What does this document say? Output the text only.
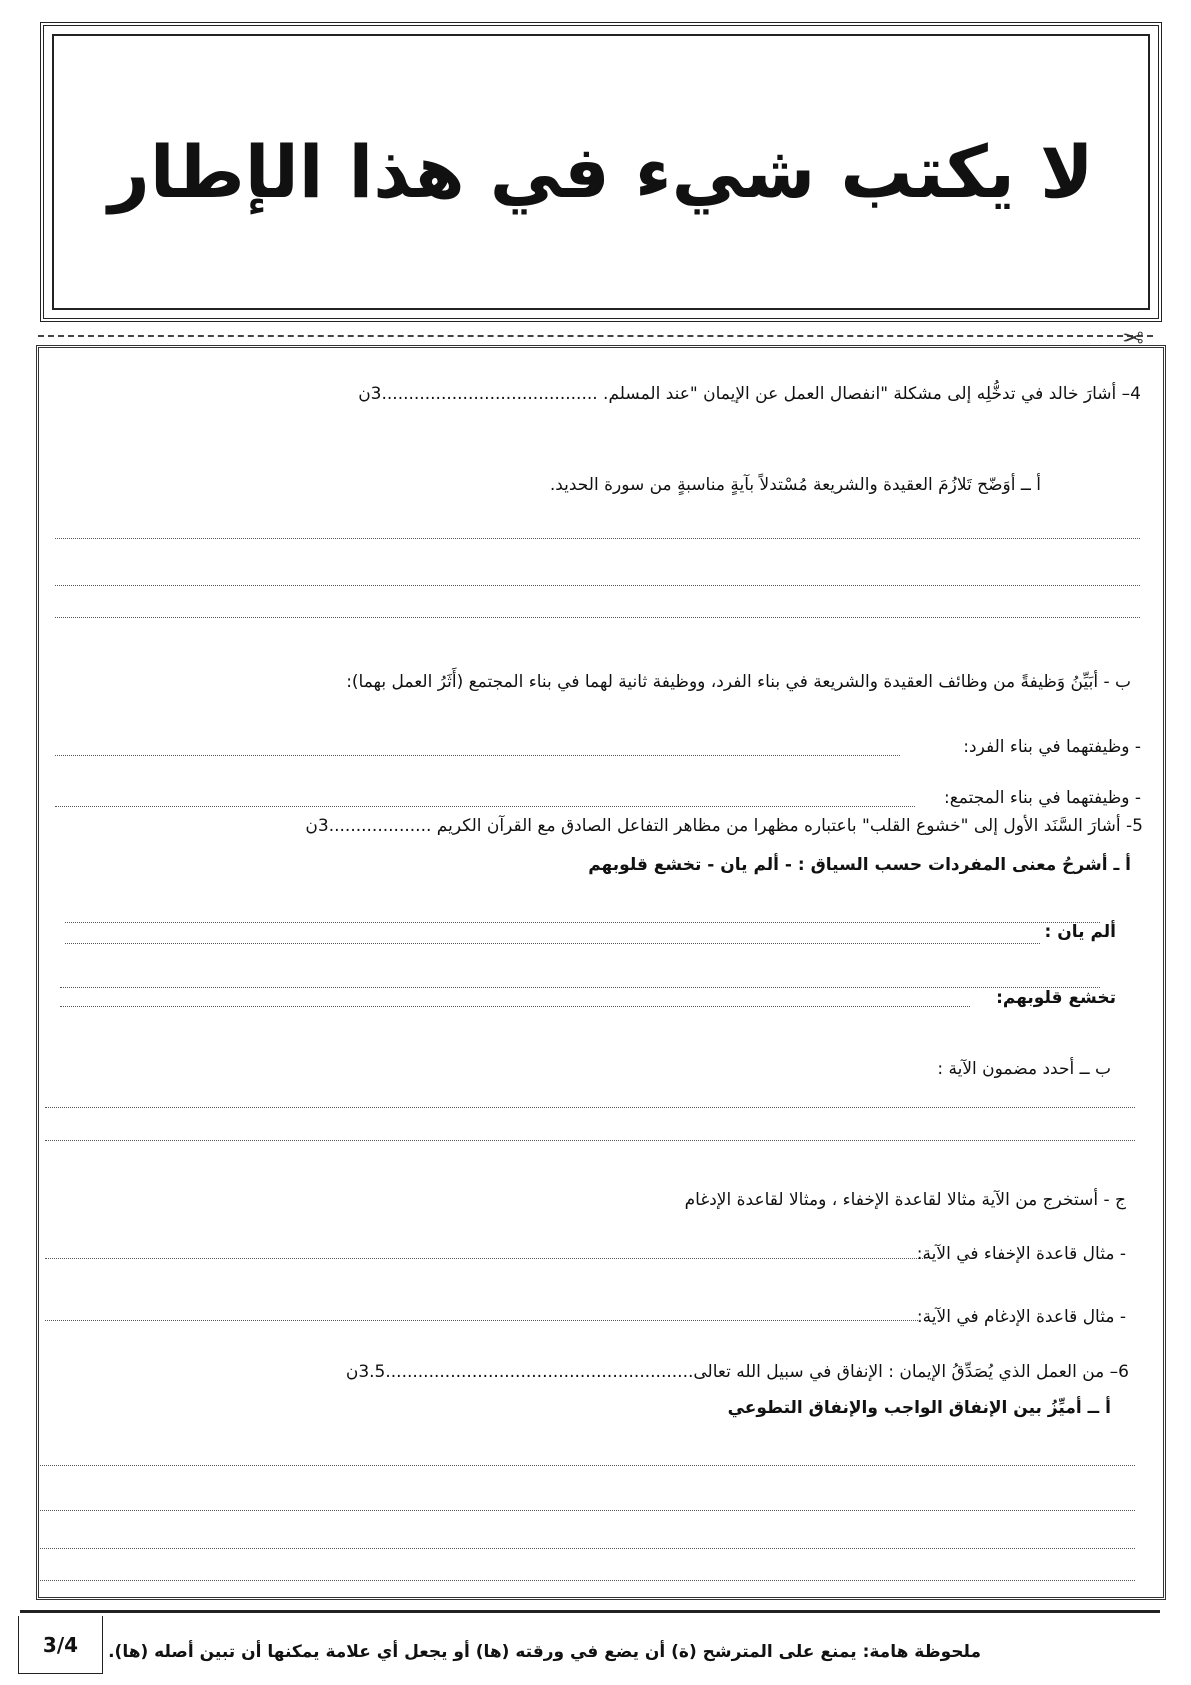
لا يكتب شيء في هذا الإطار
✂
4– أشارَ خالد في تدخُّلِه إلى مشكلة "انفصال العمل عن الإيمان "عند المسلم. ........................................3ن
أ ــ أوَضّح تَلازُمَ العقيدة والشريعة مُسْتدلاً بآيةٍ مناسبةٍ من سورة الحديد.
ب - أبَيِّنُ وَظيفةً من وظائف العقيدة والشريعة في بناء الفرد، ووظيفة ثانية لهما في بناء المجتمع (أَثَرُ العمل بهما):
- وظيفتهما في بناء الفرد:
- وظيفتهما في بناء المجتمع:
5- أشارَ السَّنَد الأول إلى "خشوع القلب" باعتباره مظهرا من مظاهر التفاعل الصادق مع القرآن الكريم ...................3ن
أ ـ أشرحُ معنى المفردات حسب السياق : - ألم يان - تخشع قلوبهم
ألم يان :
تخشع قلوبهم:
ب ــ أحدد مضمون الآية :
ج - أستخرج من الآية مثالا لقاعدة الإخفاء ، ومثالا لقاعدة الإدغام
- مثال قاعدة الإخفاء في الآية:
- مثال قاعدة الإدغام في الآية:
6– من العمل الذي يُصَدِّقُ الإيمان : الإنفاق في سبيل الله تعالى.........................................................3.5ن
أ ــ أميِّزُ بين الإنفاق الواجب والإنفاق التطوعي
3/4	ملحوظة هامة: يمنع على المترشح (ة) أن يضع في ورقته (ها) أو يجعل أي علامة يمكنها أن تبين أصله (ها).
